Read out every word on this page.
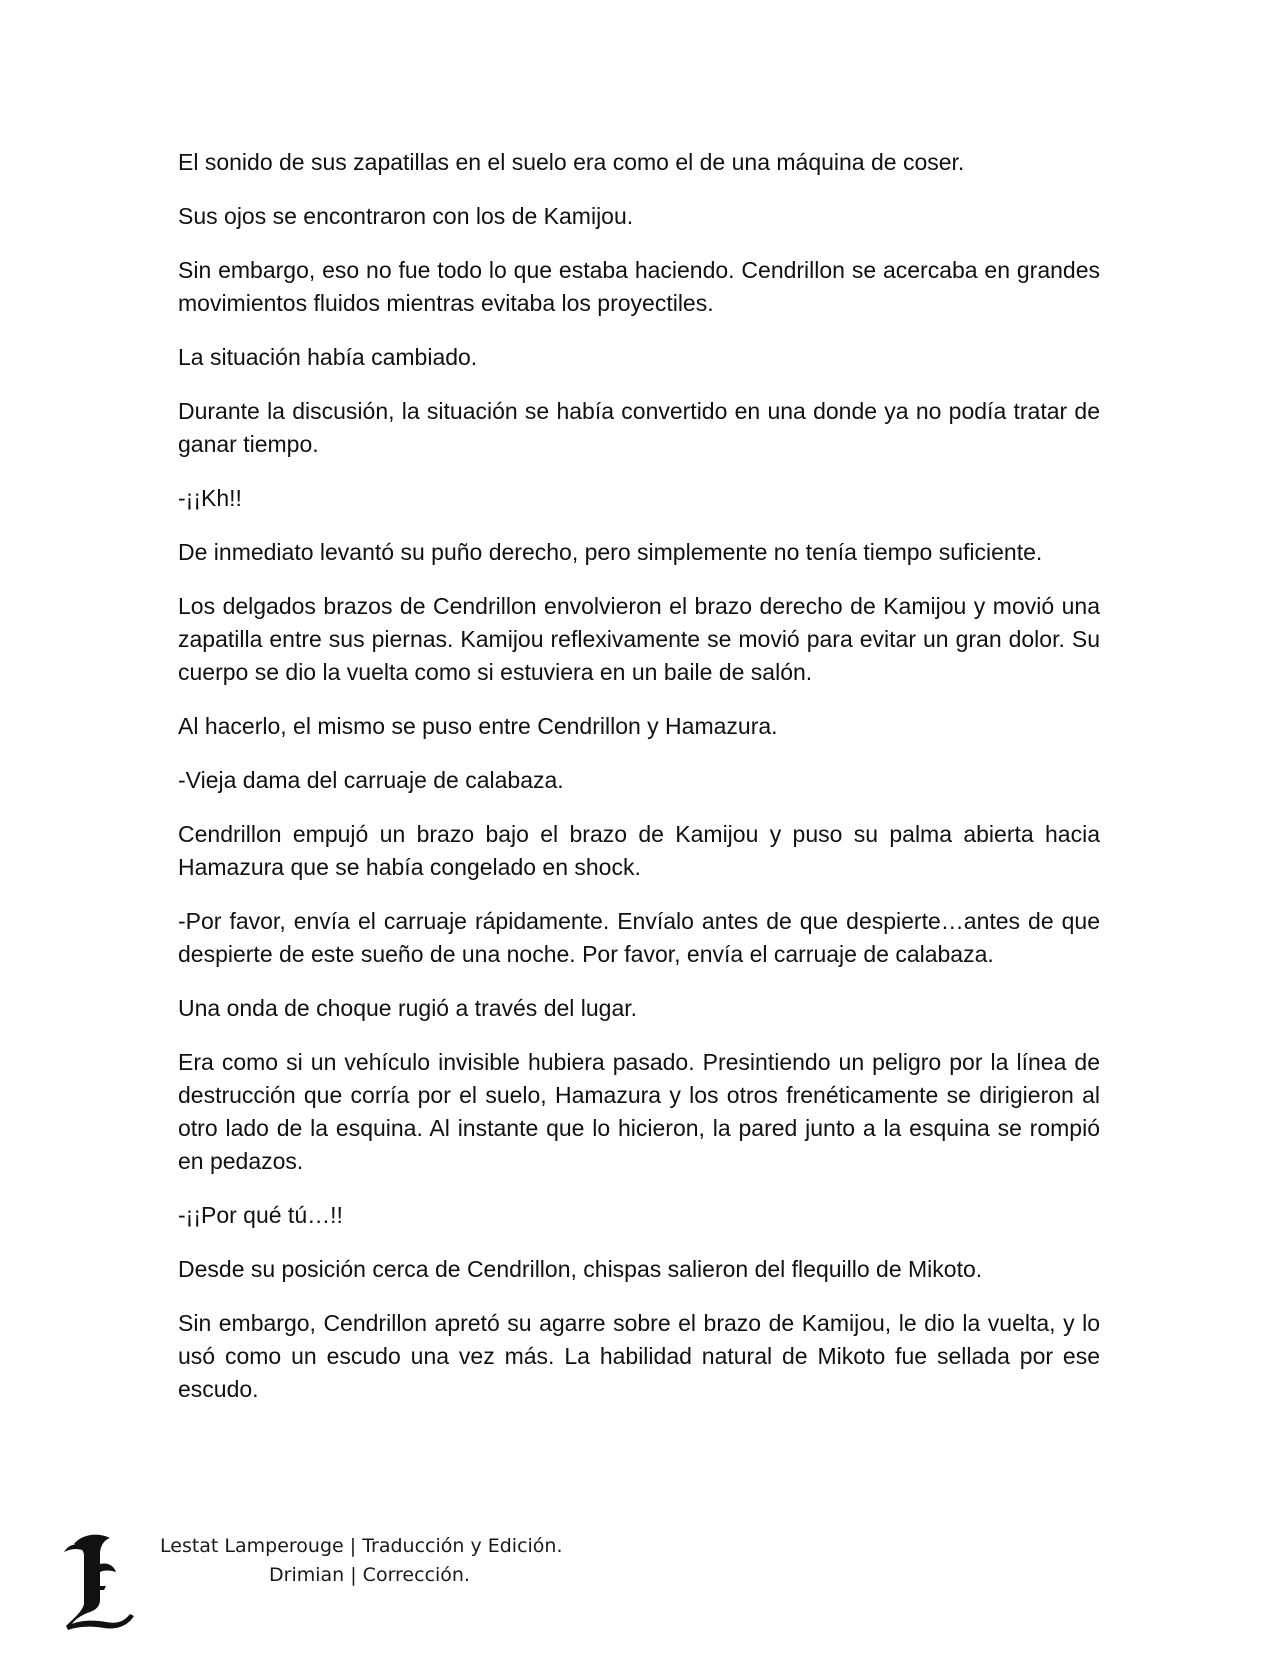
El sonido de sus zapatillas en el suelo era como el de una máquina de coser.

Sus ojos se encontraron con los de Kamijou.

Sin embargo, eso no fue todo lo que estaba haciendo. Cendrillon se acercaba en grandes movimientos fluidos mientras evitaba los proyectiles.

La situación había cambiado.

Durante la discusión, la situación se había convertido en una donde ya no podía tratar de ganar tiempo.

-¡¡Kh!!

De inmediato levantó su puño derecho, pero simplemente no tenía tiempo suficiente.

Los delgados brazos de Cendrillon envolvieron el brazo derecho de Kamijou y movió una zapatilla entre sus piernas. Kamijou reflexivamente se movió para evitar un gran dolor. Su cuerpo se dio la vuelta como si estuviera en un baile de salón.

Al hacerlo, el mismo se puso entre Cendrillon y Hamazura.

-Vieja dama del carruaje de calabaza.

Cendrillon empujó un brazo bajo el brazo de Kamijou y puso su palma abierta hacia Hamazura que se había congelado en shock.

-Por favor, envía el carruaje rápidamente. Envíalo antes de que despierte…antes de que despierte de este sueño de una noche. Por favor, envía el carruaje de calabaza.

Una onda de choque rugió a través del lugar.

Era como si un vehículo invisible hubiera pasado. Presintiendo un peligro por la línea de destrucción que corría por el suelo, Hamazura y los otros frenéticamente se dirigieron al otro lado de la esquina. Al instante que lo hicieron, la pared junto a la esquina se rompió en pedazos.

-¡¡Por qué tú…!!

Desde su posición cerca de Cendrillon, chispas salieron del flequillo de Mikoto.

Sin embargo, Cendrillon apretó su agarre sobre el brazo de Kamijou, le dio la vuelta, y lo usó como un escudo una vez más. La habilidad natural de Mikoto fue sellada por ese escudo.

Lestat Lamperouge | Traducción y Edición.
Drimian | Corrección.
